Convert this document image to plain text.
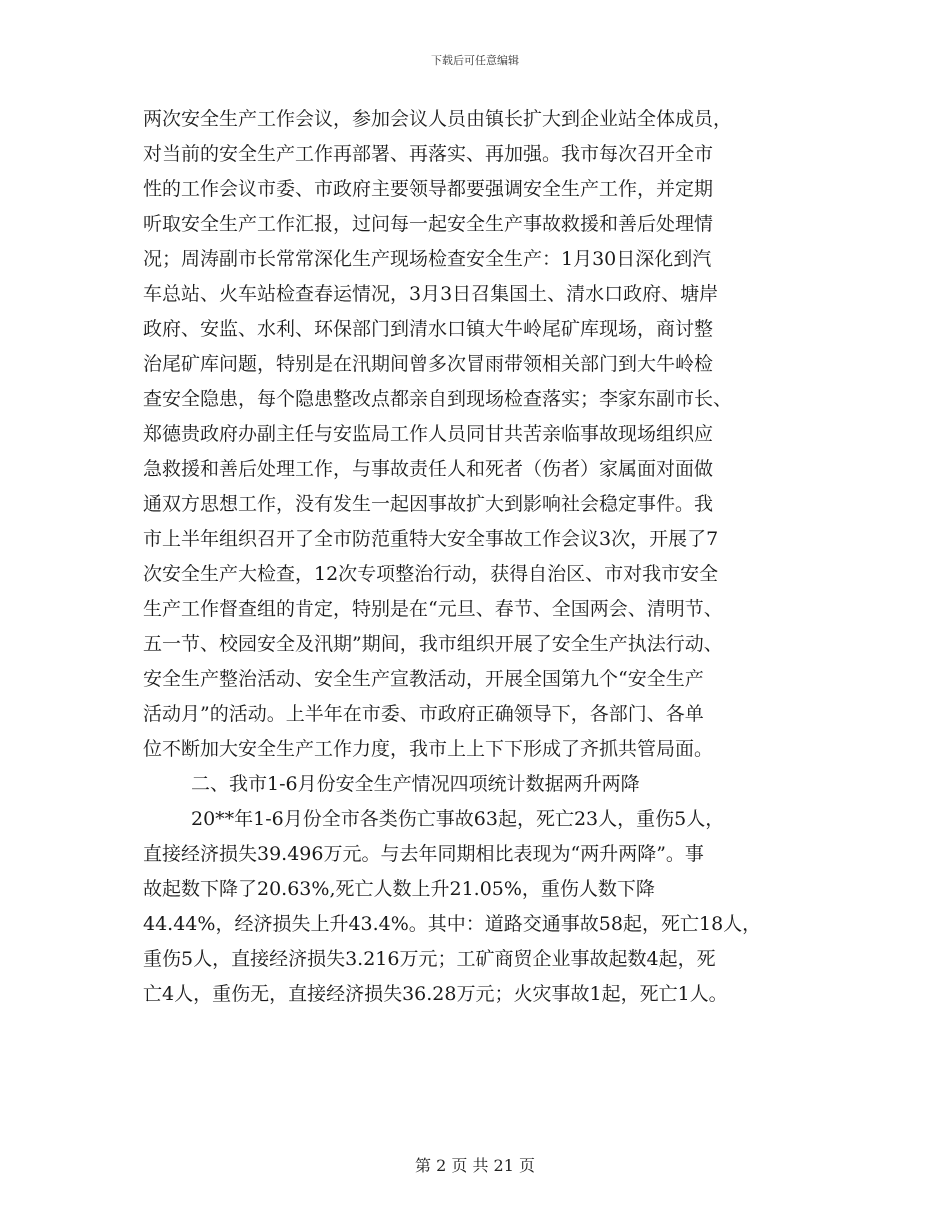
下载后可任意编辑
两次安全生产工作会议，参加会议人员由镇长扩大到企业站全体成员，
对当前的安全生产工作再部署、再落实、再加强。我市每次召开全市
性的工作会议市委、市政府主要领导都要强调安全生产工作，并定期
听取安全生产工作汇报，过问每一起安全生产事故救援和善后处理情
况；周涛副市长常常深化生产现场检查安全生产：1月30日深化到汽
车总站、火车站检查春运情况，3月3日召集国土、清水口政府、塘岸
政府、安监、水利、环保部门到清水口镇大牛岭尾矿库现场，商讨整
治尾矿库问题，特别是在汛期间曾多次冒雨带领相关部门到大牛岭检
查安全隐患，每个隐患整改点都亲自到现场检查落实；李家东副市长、
郑德贵政府办副主任与安监局工作人员同甘共苦亲临事故现场组织应
急救援和善后处理工作，与事故责任人和死者（伤者）家属面对面做
通双方思想工作，没有发生一起因事故扩大到影响社会稳定事件。我
市上半年组织召开了全市防范重特大安全事故工作会议3次，开展了7
次安全生产大检查，12次专项整治行动，获得自治区、市对我市安全
生产工作督查组的肯定，特别是在“元旦、春节、全国两会、清明节、
五一节、校园安全及汛期”期间，我市组织开展了安全生产执法行动、
安全生产整治活动、安全生产宣教活动，开展全国第九个“安全生产
活动月”的活动。上半年在市委、市政府正确领导下，各部门、各单
位不断加大安全生产工作力度，我市上上下下形成了齐抓共管局面。
二、我市1-6月份安全生产情况四项统计数据两升两降
20**年1-6月份全市各类伤亡事故63起，死亡23人，重伤5人，
直接经济损失39.496万元。与去年同期相比表现为“两升两降”。事
故起数下降了20.63%,死亡人数上升21.05%，重伤人数下降
44.44%，经济损失上升43.4%。其中：道路交通事故58起，死亡18人，
重伤5人，直接经济损失3.216万元；工矿商贸企业事故起数4起，死
亡4人，重伤无，直接经济损失36.28万元；火灾事故1起，死亡1人。
第 2 页 共 21 页
